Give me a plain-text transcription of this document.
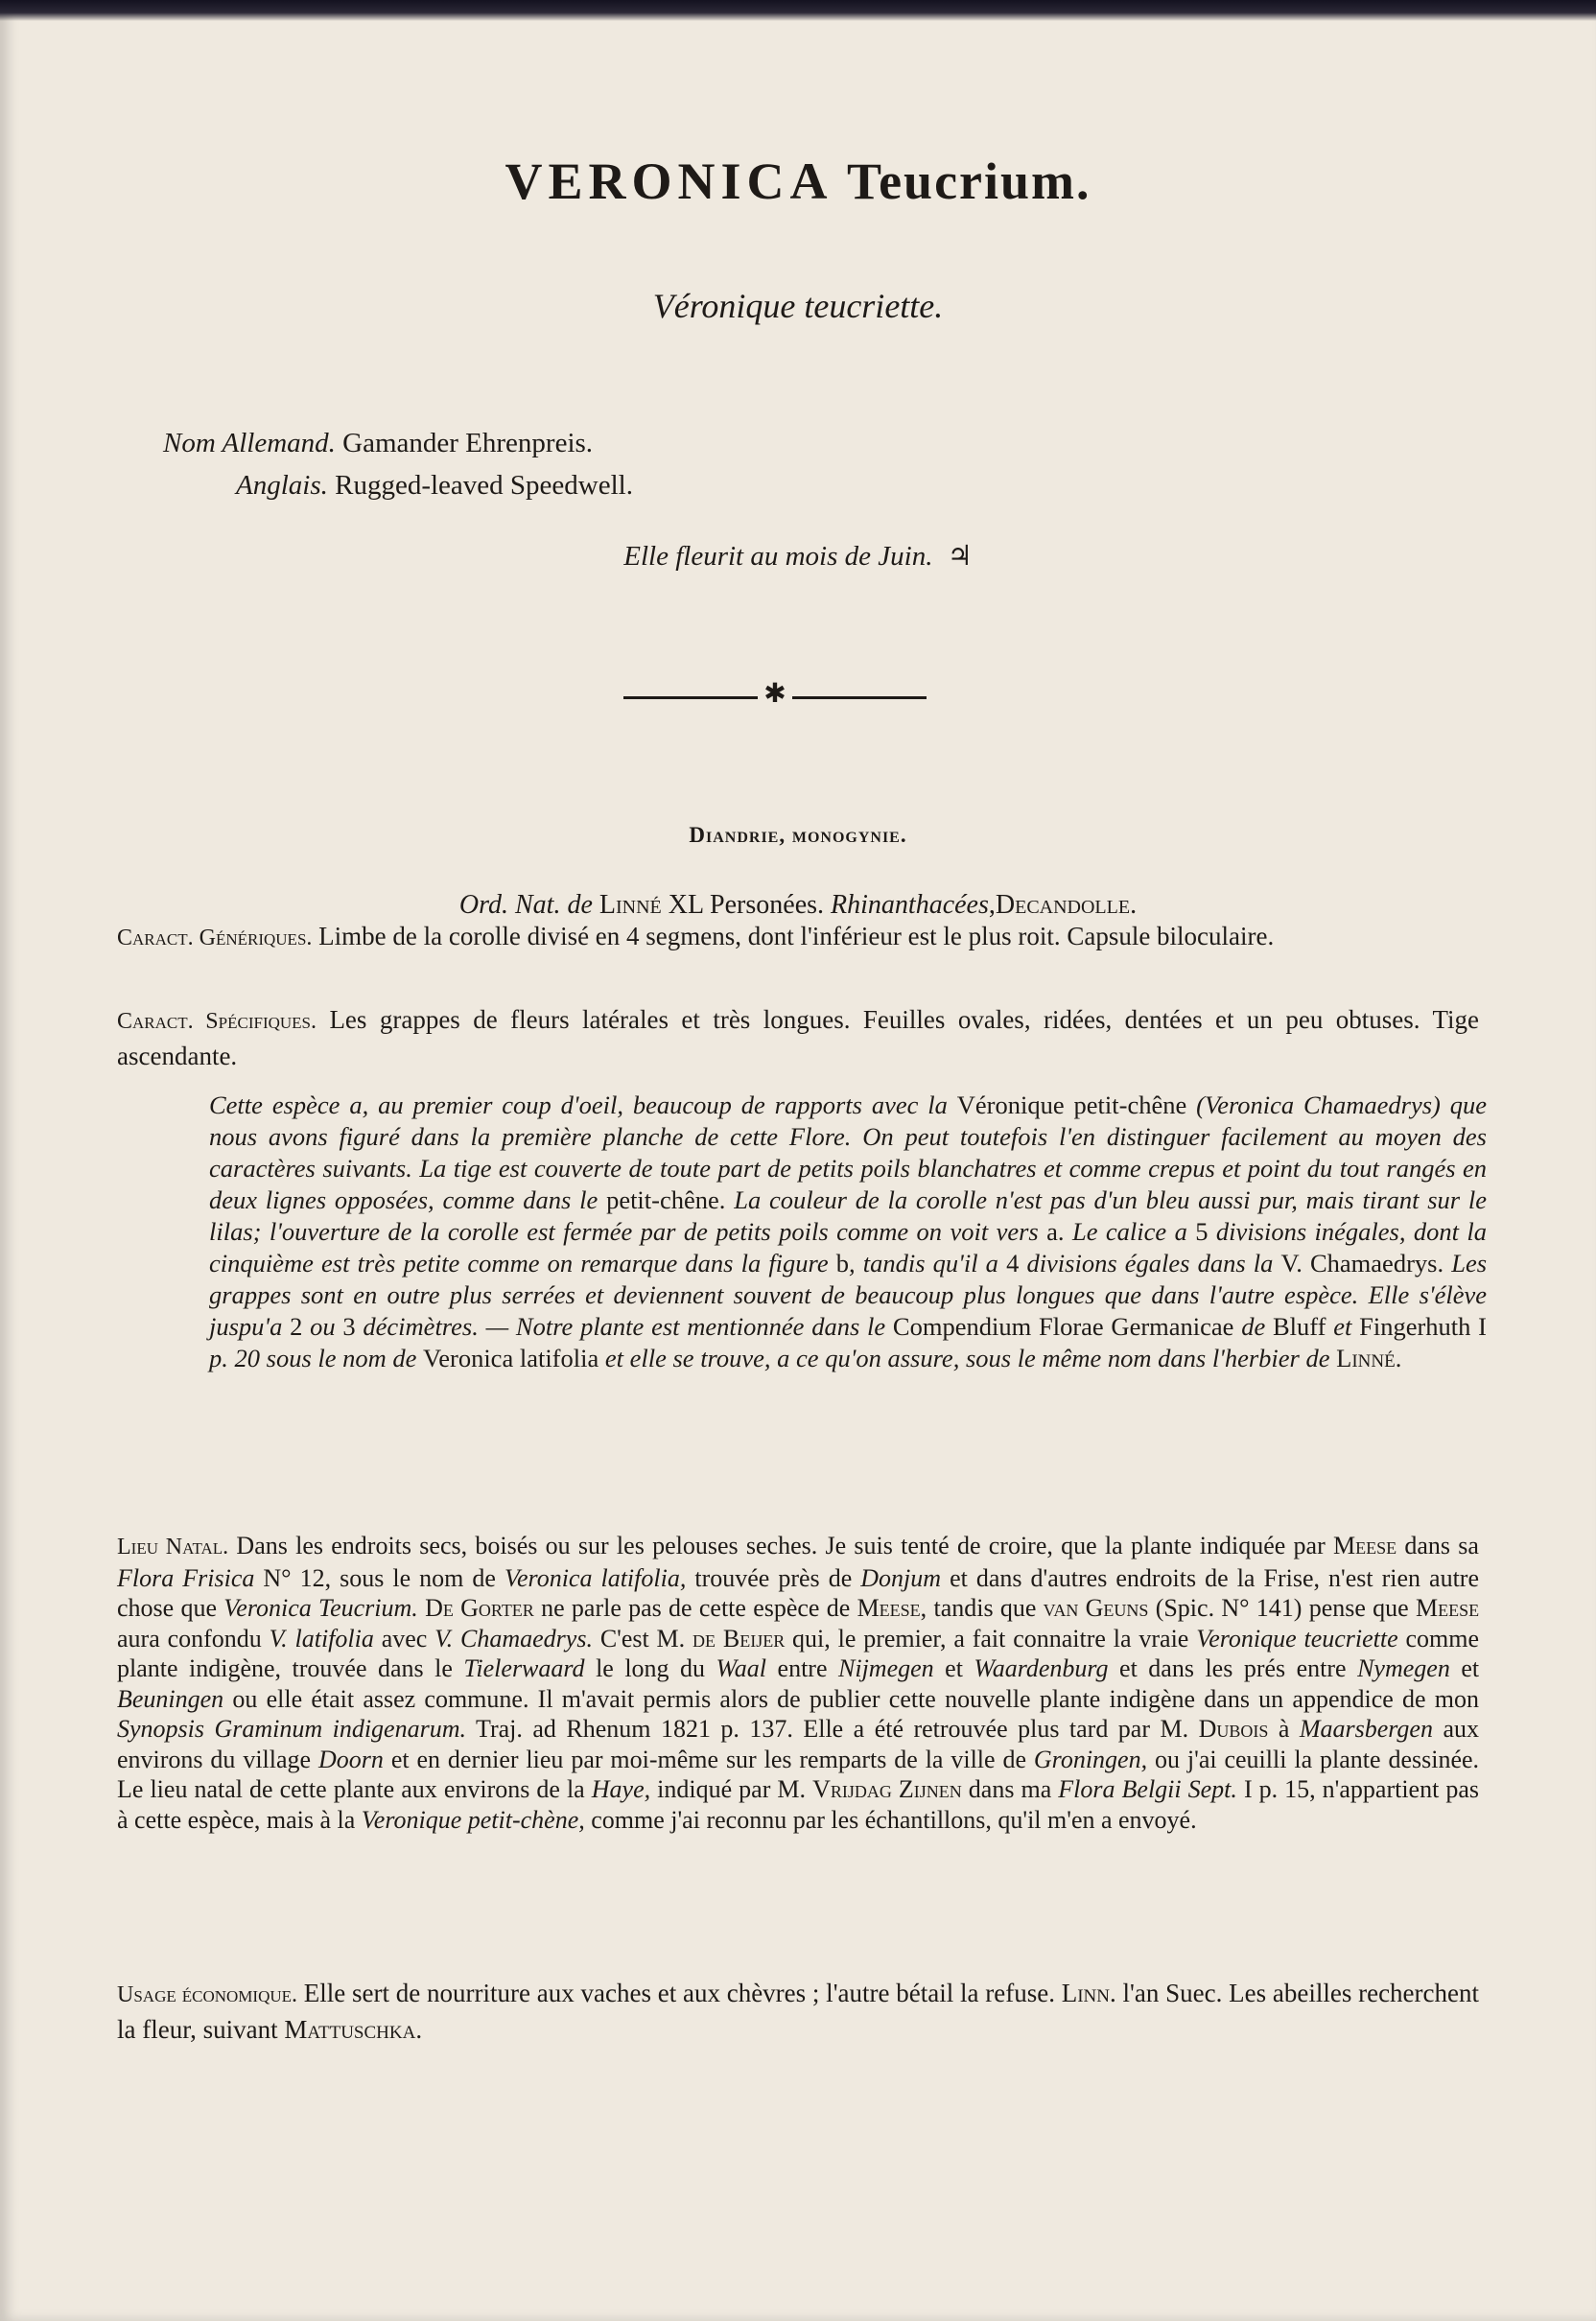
VERONICA Teucrium.
Véronique teucriette.
Nom Allemand. Gamander Ehrenpreis.
Anglais. Rugged-leaved Speedwell.
Elle fleurit au mois de Juin. ♃
✱
Diandrie, monogynie.
Ord. Nat. de Linné XL Personées. Rhinanthacées,Decandolle.
Caract. Génériques. Limbe de la corolle divisé en 4 segmens, dont l'inférieur est le plus roit. Capsule biloculaire.
Caract. Spécifiques. Les grappes de fleurs latérales et très longues. Feuilles ovales, ridées, dentées et un peu obtuses. Tige ascendante.
Cette espèce a, au premier coup d'oeil, beaucoup de rapports avec la Véronique petit-chêne (Veronica Chamaedrys) que nous avons figuré dans la première planche de cette Flore. On peut toutefois l'en distinguer facilement au moyen des caractères suivants. La tige est couverte de toute part de petits poils blanchatres et comme crepus et point du tout rangés en deux lignes opposées, comme dans le petit-chêne. La couleur de la corolle n'est pas d'un bleu aussi pur, mais tirant sur le lilas; l'ouverture de la corolle est fermée par de petits poils comme on voit vers a. Le calice a 5 divisions inégales, dont la cinquième est très petite comme on remarque dans la figure b, tandis qu'il a 4 divisions égales dans la V. Chamaedrys. Les grappes sont en outre plus serrées et deviennent souvent de beaucoup plus longues que dans l'autre espèce. Elle s'élève juspu'a 2 ou 3 décimètres. — Notre plante est mentionnée dans le Compendium Florae Germanicae de Bluff et Fingerhuth I p. 20 sous le nom de Veronica latifolia et elle se trouve, a ce qu'on assure, sous le même nom dans l'herbier de Linné.
Lieu Natal. Dans les endroits secs, boisés ou sur les pelouses seches. Je suis tenté de croire, que la plante indiquée par Meese dans sa Flora Frisica N° 12, sous le nom de Veronica latifolia, trouvée près de Donjum et dans d'autres endroits de la Frise, n'est rien autre chose que Veronica Teucrium. De Gorter ne parle pas de cette espèce de Meese, tandis que van Geuns (Spic. N° 141) pense que Meese aura confondu V. latifolia avec V. Chamaedrys. C'est M. de Beijer qui, le premier, a fait connaitre la vraie Veronique teucriette comme plante indigène, trouvée dans le Tielerwaard le long du Waal entre Nijmegen et Waardenburg et dans les prés entre Nymegen et Beuningen ou elle était assez commune. Il m'avait permis alors de publier cette nouvelle plante indigène dans un appendice de mon Synopsis Graminum indigenarum. Traj. ad Rhenum 1821 p. 137. Elle a été retrouvée plus tard par M. Dubois à Maarsbergen aux environs du village Doorn et en dernier lieu par moi-même sur les remparts de la ville de Groningen, ou j'ai ceuilli la plante dessinée. Le lieu natal de cette plante aux environs de la Haye, indiqué par M. Vrijdag Zijnen dans ma Flora Belgii Sept. I p. 15, n'appartient pas à cette espèce, mais à la Veronique petit-chène, comme j'ai reconnu par les échantillons, qu'il m'en a envoyé.
Usage économique. Elle sert de nourriture aux vaches et aux chèvres ; l'autre bétail la refuse. Linn. l'an Suec. Les abeilles recherchent la fleur, suivant Mattuschka.
